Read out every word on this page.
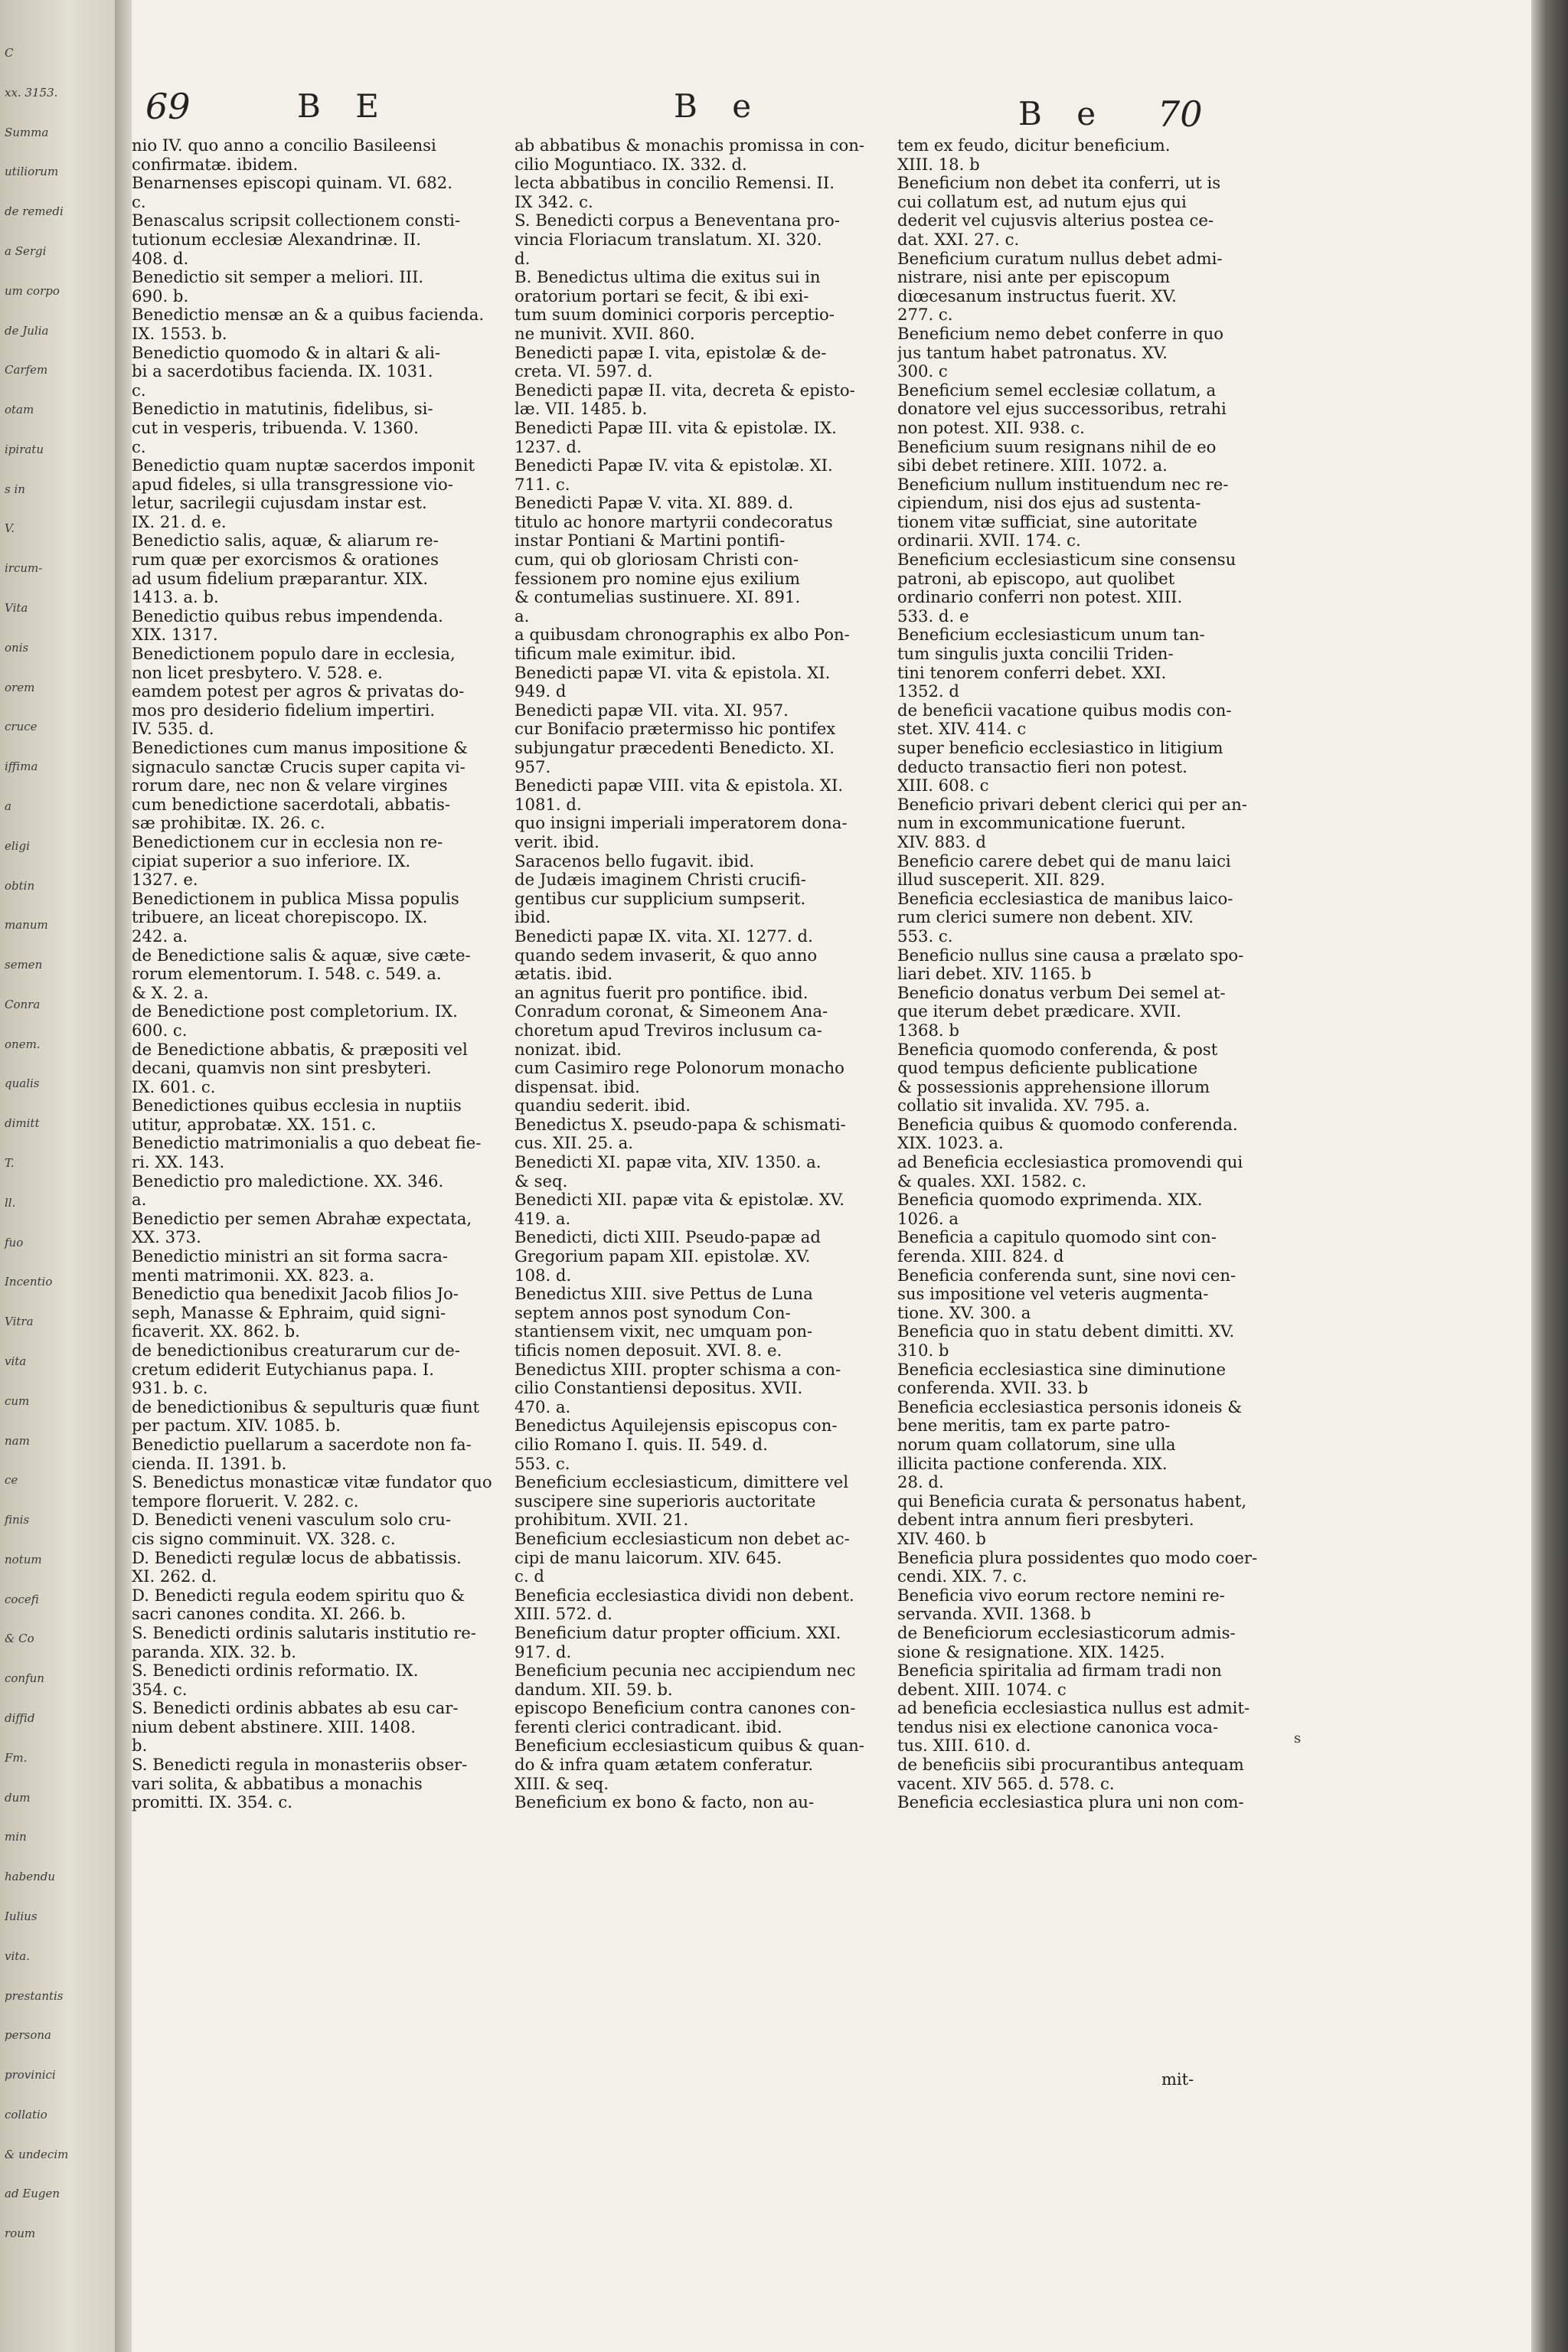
C
xx. 3153.
Summa
utiliorum
de remedi
a Sergi
um corpo
de Julia
Carfem
otam
ipiratu
s in
V.
ircum-
Vita
onis
orem
cruce
iffima
a
eligi
obtin
manum
semen
Conra
onem.
qualis
dimitt
T.
ll.
fuo
Incentio
Vitra
vita
cum
nam
ce
finis
notum
cocefi
& Co
confun
diffid
Fm.
dum
min
habendu
Iulius
vita.
prestantis
persona
provinici
collatio
& undecim
ad Eugen
roum
69	B E	B e	B e 70
nio IV. quo anno a concilio Basileensi
confirmatæ. ibidem.
Benarnenses episcopi quinam. VI. 682.
c.
Benascalus scripsit collectionem consti-
tutionum ecclesiæ Alexandrinæ. II.
408. d.
Benedictio sit semper a meliori. III.
690. b.
Benedictio mensæ an & a quibus facienda.
IX. 1553. b.
Benedictio quomodo & in altari & ali-
bi a sacerdotibus facienda. IX. 1031.
c.
Benedictio in matutinis, fidelibus, si-
cut in vesperis, tribuenda. V. 1360.
c.
Benedictio quam nuptæ sacerdos imponit
apud fideles, si ulla transgressione vio-
letur, sacrilegii cujusdam instar est.
IX. 21. d. e.
Benedictio salis, aquæ, & aliarum re-
rum quæ per exorcismos & orationes
ad usum fidelium præparantur. XIX.
1413. a. b.
Benedictio quibus rebus impendenda.
XIX. 1317.
Benedictionem populo dare in ecclesia,
non licet presbytero. V. 528. e.
eamdem potest per agros & privatas do-
mos pro desiderio fidelium impertiri.
IV. 535. d.
Benedictiones cum manus impositione &
signaculo sanctæ Crucis super capita vi-
rorum dare, nec non & velare virgines
cum benedictione sacerdotali, abbatis-
sæ prohibitæ. IX. 26. c.
Benedictionem cur in ecclesia non re-
cipiat superior a suo inferiore. IX.
1327. e.
Benedictionem in publica Missa populis
tribuere, an liceat chorepiscopo. IX.
242. a.
de Benedictione salis & aquæ, sive cæte-
rorum elementorum. I. 548. c. 549. a.
& X. 2. a.
de Benedictione post completorium. IX.
600. c.
de Benedictione abbatis, & præpositi vel
decani, quamvis non sint presbyteri.
IX. 601. c.
Benedictiones quibus ecclesia in nuptiis
utitur, approbatæ. XX. 151. c.
Benedictio matrimonialis a quo debeat fie-
ri. XX. 143.
Benedictio pro maledictione. XX. 346.
a.
Benedictio per semen Abrahæ expectata,
XX. 373.
Benedictio ministri an sit forma sacra-
menti matrimonii. XX. 823. a.
Benedictio qua benedixit Jacob filios Jo-
seph, Manasse & Ephraim, quid signi-
ficaverit. XX. 862. b.
de benedictionibus creaturarum cur de-
cretum ediderit Eutychianus papa. I.
931. b. c.
de benedictionibus & sepulturis quæ fiunt
per pactum. XIV. 1085. b.
Benedictio puellarum a sacerdote non fa-
cienda. II. 1391. b.
S. Benedictus monasticæ vitæ fundator quo
tempore floruerit. V. 282. c.
D. Benedicti veneni vasculum solo cru-
cis signo comminuit. VX. 328. c.
D. Benedicti regulæ locus de abbatissis.
XI. 262. d.
D. Benedicti regula eodem spiritu quo &
sacri canones condita. XI. 266. b.
S. Benedicti ordinis salutaris institutio re-
paranda. XIX. 32. b.
S. Benedicti ordinis reformatio. IX.
354. c.
S. Benedicti ordinis abbates ab esu car-
nium debent abstinere. XIII. 1408.
b.
S. Benedicti regula in monasteriis obser-
vari solita, & abbatibus a monachis
promitti. IX. 354. c.
ab abbatibus & monachis promissa in con-
cilio Moguntiaco. IX. 332. d.
lecta abbatibus in concilio Remensi. II.
IX 342. c.
S. Benedicti corpus a Beneventana pro-
vincia Floriacum translatum. XI. 320.
d.
B. Benedictus ultima die exitus sui in
oratorium portari se fecit, & ibi exi-
tum suum dominici corporis perceptio-
ne munivit. XVII. 860.
Benedicti papæ I. vita, epistolæ & de-
creta. VI. 597. d.
Benedicti papæ II. vita, decreta & episto-
læ. VII. 1485. b.
Benedicti Papæ III. vita & epistolæ. IX.
1237. d.
Benedicti Papæ IV. vita & epistolæ. XI.
711. c.
Benedicti Papæ V. vita. XI. 889. d.
titulo ac honore martyrii condecoratus
instar Pontiani & Martini pontifi-
cum, qui ob gloriosam Christi con-
fessionem pro nomine ejus exilium
& contumelias sustinuere. XI. 891.
a.
a quibusdam chronographis ex albo Pon-
tificum male eximitur. ibid.
Benedicti papæ VI. vita & epistola. XI.
949. d
Benedicti papæ VII. vita. XI. 957.
cur Bonifacio prætermisso hic pontifex
subjungatur præcedenti Benedicto. XI.
957.
Benedicti papæ VIII. vita & epistola. XI.
1081. d.
quo insigni imperiali imperatorem dona-
verit. ibid.
Saracenos bello fugavit. ibid.
de Judæis imaginem Christi crucifi-
gentibus cur supplicium sumpserit.
ibid.
Benedicti papæ IX. vita. XI. 1277. d.
quando sedem invaserit, & quo anno
ætatis. ibid.
an agnitus fuerit pro pontifice. ibid.
Conradum coronat, & Simeonem Ana-
choretum apud Treviros inclusum ca-
nonizat. ibid.
cum Casimiro rege Polonorum monacho
dispensat. ibid.
quandiu sederit. ibid.
Benedictus X. pseudo-papa & schismati-
cus. XII. 25. a.
Benedicti XI. papæ vita, XIV. 1350. a.
& seq.
Benedicti XII. papæ vita & epistolæ. XV.
419. a.
Benedicti, dicti XIII. Pseudo-papæ ad
Gregorium papam XII. epistolæ. XV.
108. d.
Benedictus XIII. sive Pettus de Luna
septem annos post synodum Con-
stantiensem vixit, nec umquam pon-
tificis nomen deposuit. XVI. 8. e.
Benedictus XIII. propter schisma a con-
cilio Constantiensi depositus. XVII.
470. a.
Benedictus Aquilejensis episcopus con-
cilio Romano I. quis. II. 549. d.
553. c.
Beneficium ecclesiasticum, dimittere vel
suscipere sine superioris auctoritate
prohibitum. XVII. 21.
Beneficium ecclesiasticum non debet ac-
cipi de manu laicorum. XIV. 645.
c. d
Beneficia ecclesiastica dividi non debent.
XIII. 572. d.
Beneficium datur propter officium. XXI.
917. d.
Beneficium pecunia nec accipiendum nec
dandum. XII. 59. b.
episcopo Beneficium contra canones con-
ferenti clerici contradicant. ibid.
Beneficium ecclesiasticum quibus & quan-
do & infra quam ætatem conferatur.
XIII. & seq.
Beneficium ex bono & facto, non au-
tem ex feudo, dicitur beneficium.
XIII. 18. b
Beneficium non debet ita conferri, ut is
cui collatum est, ad nutum ejus qui
dederit vel cujusvis alterius postea ce-
dat. XXI. 27. c.
Beneficium curatum nullus debet admi-
nistrare, nisi ante per episcopum
diœcesanum instructus fuerit. XV.
277. c.
Beneficium nemo debet conferre in quo
jus tantum habet patronatus. XV.
300. c
Beneficium semel ecclesiæ collatum, a
donatore vel ejus successoribus, retrahi
non potest. XII. 938. c.
Beneficium suum resignans nihil de eo
sibi debet retinere. XIII. 1072. a.
Beneficium nullum instituendum nec re-
cipiendum, nisi dos ejus ad sustenta-
tionem vitæ sufficiat, sine autoritate
ordinarii. XVII. 174. c.
Beneficium ecclesiasticum sine consensu
patroni, ab episcopo, aut quolibet
ordinario conferri non potest. XIII.
533. d. e
Beneficium ecclesiasticum unum tan-
tum singulis juxta concilii Triden-
tini tenorem conferri debet. XXI.
1352. d
de beneficii vacatione quibus modis con-
stet. XIV. 414. c
super beneficio ecclesiastico in litigium
deducto transactio fieri non potest.
XIII. 608. c
Beneficio privari debent clerici qui per an-
num in excommunicatione fuerunt.
XIV. 883. d
Beneficio carere debet qui de manu laici
illud susceperit. XII. 829.
Beneficia ecclesiastica de manibus laico-
rum clerici sumere non debent. XIV.
553. c.
Beneficio nullus sine causa a prælato spo-
liari debet. XIV. 1165. b
Beneficio donatus verbum Dei semel at-
que iterum debet prædicare. XVII.
1368. b
Beneficia quomodo conferenda, & post
quod tempus deficiente publicatione
& possessionis apprehensione illorum
collatio sit invalida. XV. 795. a.
Beneficia quibus & quomodo conferenda.
XIX. 1023. a.
ad Beneficia ecclesiastica promovendi qui
& quales. XXI. 1582. c.
Beneficia quomodo exprimenda. XIX.
1026. a
Beneficia a capitulo quomodo sint con-
ferenda. XIII. 824. d
Beneficia conferenda sunt, sine novi cen-
sus impositione vel veteris augmenta-
tione. XV. 300. a
Beneficia quo in statu debent dimitti. XV.
310. b
Beneficia ecclesiastica sine diminutione
conferenda. XVII. 33. b
Beneficia ecclesiastica personis idoneis &
bene meritis, tam ex parte patro-
norum quam collatorum, sine ulla
illicita pactione conferenda. XIX.
28. d.
qui Beneficia curata & personatus habent,
debent intra annum fieri presbyteri.
XIV. 460. b
Beneficia plura possidentes quo modo coer-
cendi. XIX. 7. c.
Beneficia vivo eorum rectore nemini re-
servanda. XVII. 1368. b
de Beneficiorum ecclesiasticorum admis-
sione & resignatione. XIX. 1425.
Beneficia spiritalia ad firmam tradi non
debent. XIII. 1074. c
ad beneficia ecclesiastica nullus est admit-
tendus nisi ex electione canonica voca-
tus. XIII. 610. d.
de beneficiis sibi procurantibus antequam
vacent. XIV 565. d. 578. c.
Beneficia ecclesiastica plura uni non com-
s
mit-
